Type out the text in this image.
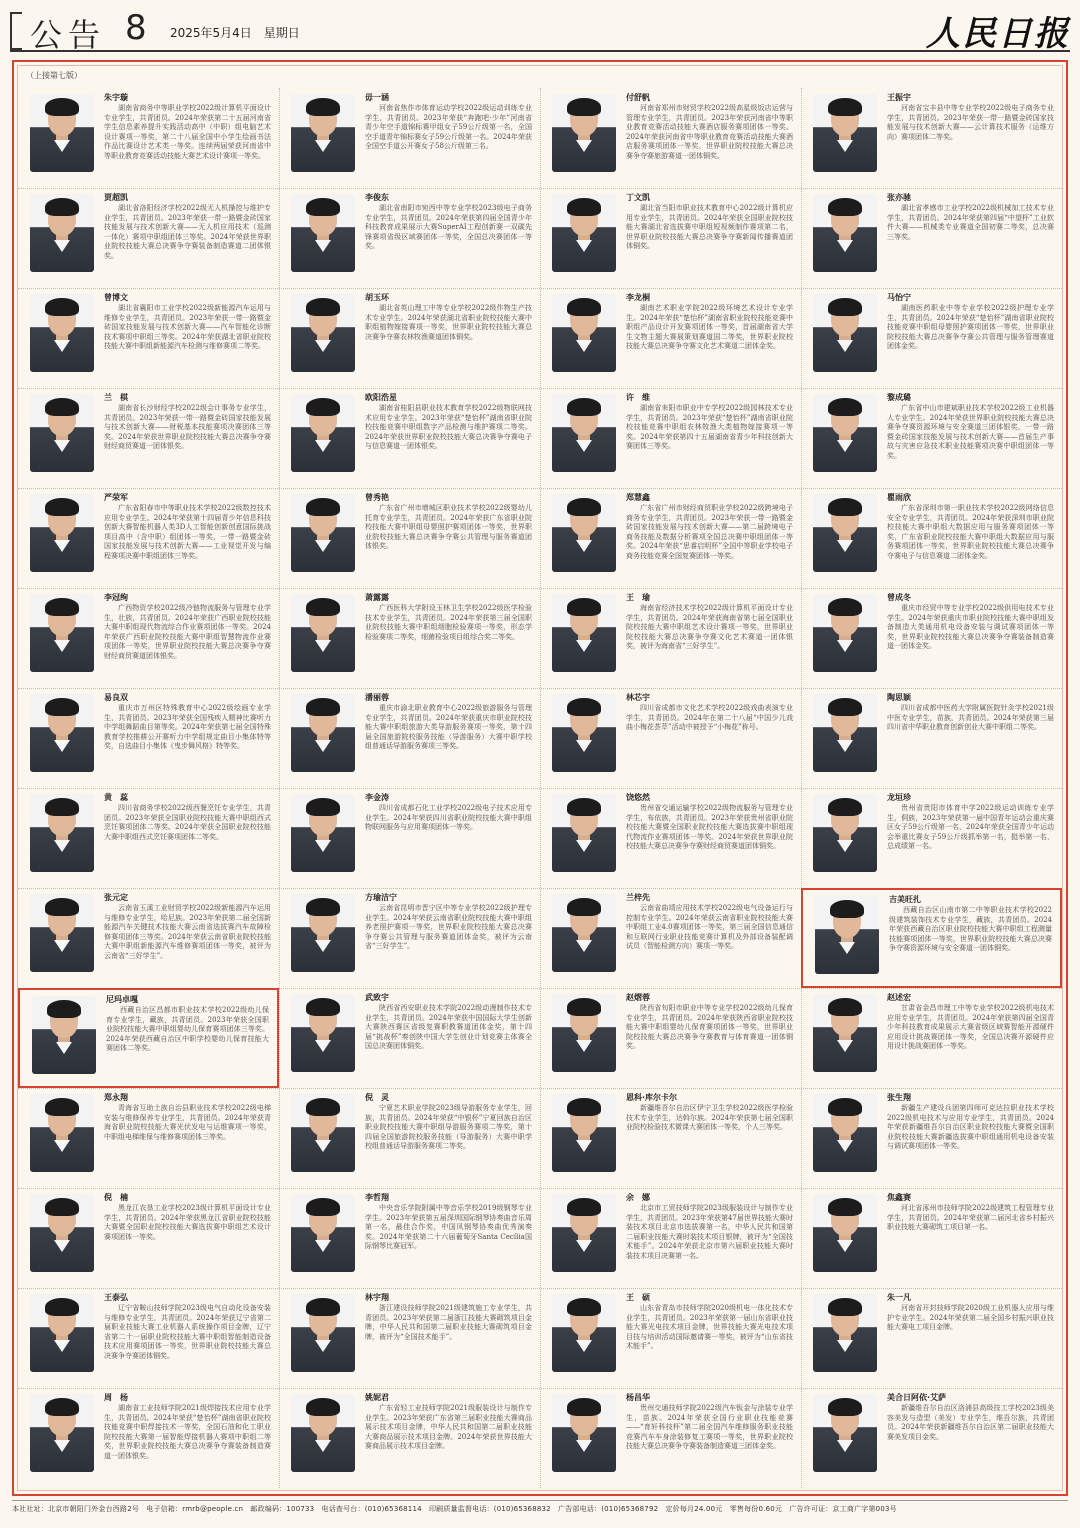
公告 8 2025年5月4日　星期日	人民日报
（上接第七版）
朱宇璇
湖南省商务中等职业学校2022级计算机平面设计专业学生，共青团员。2024年荣获第二十五届河南省学生信息素养提升实践活动高中（中职）组电脑艺术设计赛项一等奖，第二十八届全国中小学生绘画书法作品比赛设计艺术类一等奖。连续两届荣获河南省中等职业教育竞赛活动技能大赛艺术设计赛项一等奖。
毋一涵
河南省焦作市体育运动学校2022级运动训练专业学生，共青团员。2023年荣获“奔跑吧·少年”河南省青少年空手道锦标赛甲组女子59公斤级第一名，全国空手道青年锦标赛女子59公斤级第一名。2024年荣获全国空手道公开赛女子58公斤级第三名。
付舒帆
河南省郑州市财贸学校2022级高星级饭店运营与管理专业学生，共青团员。2023年荣获河南省中等职业教育竞赛活动技能大赛酒店服务赛项团体一等奖。2024年荣获河南省中等职业教育竞赛活动技能大赛酒店服务赛项团体一等奖，世界职业院校技能大赛总决赛争夺赛旅游赛道一团体铜奖。
王振宇
河南省宝丰县中等专业学校2022级电子商务专业学生，共青团员。2023年荣获一带一路暨金砖国家技能发展与技术创新大赛——云计算技术服务（运维方向）赛项团体二等奖。
贾超凯
湖北省洛阳经济学校2022级无人机操控与维护专业学生，共青团员。2023年荣获一带一路暨金砖国家技能发展与技术创新大赛——无人机应用技术（巡测一体化）赛项中职组团体三等奖。2024年荣获世界职业院校技能大赛总决赛争夺赛装备制造赛道二团体银奖。
李俊东
湖北省南阳市宛西中等专业学校2023级电子商务专业学生，共青团员。2024年荣获第四届全国青少年科技教育成果展示大赛SuperAI工程创新赛一双碳先锋赛项省级区域赛团体一等奖，全国总决赛团体一等奖。
丁文凯
湖北省当阳市职业技术教育中心2022级计算机应用专业学生，共青团员。2024年荣获全国职业院校技能大赛湖北省选拔赛中职组短视频制作赛项第二名，世界职业院校技能大赛总决赛争夺赛新闻传播赛道团体铜奖。
张亦驰
湖北省孝感市工业学校2022级机械加工技术专业学生，共青团员。2024年荣获第四届“中望杯”工业软件大赛——机械类专业赛道全国初赛二等奖，总决赛三等奖。
曾博文
湖北省襄阳市工业学校2022级新能源汽车运用与维修专业学生，共青团员。2023年荣获一带一路暨金砖国家技能发展与技术创新大赛——汽车智能化诊断技术赛项中职组三等奖。2024年荣获湖北省职业院校技能大赛中职组新能源汽车检测与维修赛项二等奖。
胡玉环
湖北省英山理工中等专业学校2022级作物生产技术专业学生。2024年荣获湖北省职业院校技能大赛中职组植物嫁接赛项一等奖，世界职业院校技能大赛总决赛争夺赛农林牧渔赛道团体铜奖。
李龙桐
湖南艺术职业学院2022级环境艺术设计专业学生。2024年荣获“楚怡杯”湖南省职业院校技能竞赛中职组产品设计开发赛项团体一等奖，首届湖南省大学生文物主题大赛展策划赛道国二等奖，世界职业院校技能大赛总决赛争夺赛文化艺术赛道二团体金奖。
马怡宁
湖南医药职业中等专业学校2022级护理专业学生，共青团员。2024年荣获“楚怡杯”湖南省职业院校技能竞赛中职组母婴照护赛项团体一等奖，世界职业院校技能大赛总决赛争夺赛公共管理与服务管理赛道团体金奖。
兰　棋
湖南省长沙财经学校2022级会计事务专业学生，共青团员。2023年荣获一带一路暨金砖国家技能发展与技术创新大赛——财税基本技能赛项决赛团体三等奖。2024年荣获世界职业院校技能大赛总决赛争夺赛财经商贸赛道一团体银奖。
欧阳浩星
湖南省桂阳县职业技术教育学校2022级物联网技术应用专业学生。2023年荣获“楚怡杯”湖南省职业院校技能竞赛中职组数字产品检测与维护赛项二等奖。2024年荣获世界职业院校技能大赛总决赛争夺赛电子与信息赛道一团体银奖。
许　维
湖南省耒阳市职业中专学校2022级园林技术专业学生，共青团员。2023年荣获“楚怡杯”湖南省职业院校技能竞赛中职组农林牧渔大类植物嫁接赛项一等奖。2024年荣获第四十五届湖南省青少年科技创新大赛团体三等奖。
黎成璐
广东省中山市建斌职业技术学校2022级工业机器人专业学生。2024年荣获世界职业院校技能大赛总决赛争夺赛资源环境与安全赛道三团体银奖，一带一路暨金砖国家技能发展与技术创新大赛——首届生产事故与灾害应急技术职业技能赛项决赛中职组团体一等奖。
严荣军
广东省阳春市中等职业技术学校2022级数控技术应用专业学生。2024年荣获第十四届青少年信息科技创新大赛智能机器人类3D人工智能创新创意国际挑战项目高中（含中职）组团体一等奖，一带一路暨金砖国家技能发展与技术创新大赛——工业视觉开发与编程赛项决赛中职组团体三等奖。
曾秀艳
广东省广州市增城区职业技术学校2022级婴幼儿托育专业学生，共青团员。2024年荣获广东省职业院校技能大赛中职组母婴照护赛项团体一等奖，世界职业院校技能大赛总决赛争夺赛公共管理与服务赛道团体银奖。
郑慧鑫
广东省广州市财经商贸职业学校2022级跨境电子商务专业学生，共青团员。2023年荣获一带一路暨金砖国家技能发展与技术创新大赛——第二届跨境电子商务技能及数据分析赛项全国总决赛中职组团体一等奖。2024年荣获“思睿启明杯”全国中等职业学校电子商务技能竞赛全国复赛团体一等奖。
瞿雨欣
广东省深圳市第一职业技术学校2022级网络信息安全专业学生，共青团员。2024年荣获深圳市职业院校技能大赛中职组大数据应用与服务赛项团体一等奖，广东省职业院校技能大赛中职组大数据应用与服务赛项团体一等奖，世界职业院校技能大赛总决赛争夺赛电子与信息赛道二团体金奖。
李冠绚
广西物资学校2022级冷链物流服务与管理专业学生，壮族，共青团员。2024年荣获广西职业院校技能大赛中职组现代物流综合作业赛项团体一等奖。2024年荣获广西职业院校技能大赛中职组智慧物流作业赛项团体一等奖，世界职业院校技能大赛总决赛争夺赛财经商贸赛道团体银奖。
萧露露
广西医科大学附设玉林卫生学校2022级医学检验技术专业学生，共青团员。2024年荣获第三届全国职业院校技能大赛中职组细胞检验赛项一等奖，形态学检验赛项二等奖，细菌检验项目组综合奖二等奖。
王　瑜
海南省经济技术学校2022级计算机平面设计专业学生，共青团员。2024年荣获海南省第七届全国职业院校技能大赛中职组艺术设计赛项一等奖，世界职业院校技能大赛总决赛争夺赛文化艺术赛道一团体银奖，被评为海南省“三好学生”。
曾成冬
重庆市经贸中等专业学校2022级供用电技术专业学生。2024年荣获重庆市职业院校技能大赛中职组发备制造大类通用机电设备安装与调试赛项团体一等奖，世界职业院校技能大赛总决赛争夺赛装备制造赛道一团体金奖。
易良双
重庆市万州区特殊教育中心2022级绘画专业学生，共青团员。2023年荣获全国残疾人精神比赛听力中学组舞蹈曲目第等奖。2024年荣获第七届全国特殊教育学校推耕公开赛听力中学组规定曲目小集体特等奖，自选曲目小集体《曳步舞风格》特等奖。
潘丽蓉
重庆市渝北职业教育中心2022级旅游服务与管理专业学生，共青团员。2024年荣获重庆市职业院校技能大赛中职组旅游大类导游服务赛项一等奖，第十四届全国旅游院校服务技能（导游服务）大赛中职学校组普通话导游服务赛项三等奖。
林芯宇
四川省成都市文化艺术学校2022级戏曲表演专业学生，共青团员。2024年在第二十八届“中国少儿戏曲小梅花荟萃”活动中被授予“小梅花”称号。
陶思颖
四川省成都中医药大学附属医院针灸学校2021级中医专业学生，苗族，共青团员。2024年荣获第三届四川省中华职业教育创新创业大赛中职组二等奖。
黄　蕊
四川省商务学校2022级西餐烹饪专业学生，共青团员。2023年荣获全国职业院校技能大赛中职组西式烹饪赛项团体二等奖。2024年荣获全国职业院校技能大赛中职组西式烹饪赛项团体二等奖。
李金涛
四川省成都石化工业学校2022级电子技术应用专业学生。2024年荣获四川省职业院校技能大赛中职组物联网服务与应用赛项团体一等奖。
饶悠然
贵州省交通运输学校2022级物流服务与管理专业学生，布依族，共青团员。2023年荣获贵州省职业院校技能大赛暨全国职业院校技能大赛选拔赛中职组现代物流作业赛项团体一等奖。2024年荣获世界职业院校技能大赛总决赛争夺赛财经商贸赛道团体铜奖。
龙垣珍
贵州省贵阳市体育中学2022级运动训练专业学生，侗族，2023年荣获第一届中国青年运动会重庆赛区女子59公斤级第一名，2024年荣获全国青少年运动会举重比赛女子59公斤级抓举第一名，挺举第一名，总成绩第一名。
张元定
云南省玉溪工业财贸学校2022级新能源汽车运用与维修专业学生，哈尼族。2023年荣获第二届全国新能源汽车关键技术技能大赛云南省选拔赛汽车故障检修赛项团体三等奖。2024年荣获云南省职业院校技能大赛中职组新能源汽车维修赛项团体一等奖，被评为云南省“三好学生”。
方瑜洁宁
云南省昆明市晋宁区中等专业学校2022级护理专业学生。2024年荣获云南省职业院校技能大赛中职组养老照护赛项一等奖，世界职业院校技能大赛总决赛争夺赛公共管理与服务赛道团体金奖，被评为云南省“三好学生”。
兰梓先
云南省曲靖应用技术学校2022级电气设备运行与控制专业学生。2024年荣获云南省职业院校技能大赛中职组工业4.0赛项团体一等奖，第三届全国信息通信和互联网行业职业技能竞赛计算机及外部设备装配调试员（智能检测方向）赛项一等奖。
吉美旺扎
西藏自治区山南市第二中等职业技术学校2022级建筑装饰技术专业学生，藏族，共青团员。2024年荣获西藏自治区职业院校技能大赛中职组工程测量技能赛项团体一等奖，世界职业院校技能大赛总决赛争夺赛资源环境与安全赛道一团体铜奖。
尼玛卓嘎
西藏自治区昌都市职业技术学校2022级幼儿保育专业学生，藏族，共青团员。2023年荣获全国职业院校技能大赛中职组婴幼儿保育赛项团体三等奖。2024年荣获西藏自治区中职学校婴幼儿保育技能大赛团体二等奖。
武致宇
陕西省西安职业技术学院2022级动漫制作技术专业学生，共青团员。2024年荣获中国国际大学生创新大赛陕西赛区省级复赛职教赛道团体金奖，第十四届“挑战杯”奏创陕中国大学生创业计划竞赛主体赛全国总决赛团体铜奖。
赵熠蓉
陕西省旬阳市职业中等专业学校2022级幼儿保育专业学生，共青团员。2024年荣获陕西省职业院校技能大赛中职组婴幼儿保育赛项团体一等奖，世界职业院校技能大赛总决赛争夺赛教育与体育赛道一团体铜奖。
赵述宏
甘肃省金昌市理工中等专业学校2022级机电技术应用专业学生，共青团员。2024年荣获第四届全国青少年科技教育成果展示大赛省级区域赛智能开源硬件应用设计挑战赛团体一等奖，全国总决赛开源硬件应用设计挑战赛团体一等奖。
郑永翔
青海省互助土族自治县职业技术学校2022级电梯安装与维修保养专业学生，共青团员。2024年荣获青海省职业院校技能大赛光伏发电与运维赛项一等奖，中职组电梯维保与维修赛项团体三等奖。
倪　灵
宁夏艺术职业学院2023级导游服务专业学生，回族，共青团员。2024年荣获“中银杯”宁夏回族自治区职业院校技能大赛中职组导游服务赛项二等奖，第十四届全国旅游院校服务技能（导游服务）大赛中职学校组普通话导游服务赛项二等奖。
恩科·库尔卡尔
新疆维吾尔自治区伊宁卫生学校2022级医学检验技术专业学生，达斡尔族。2024年荣获第七届全国职业院校检验技术微课大赛团体一等奖，个人三等奖。
张生翔
新疆生产建设兵团第四师可克达拉职业技术学校2022级机电技术与应用专业学生，共青团员。2024年荣获新疆维吾尔自治区职业院校技能大赛暨全国职业院校技能大赛新疆选拔赛中职组通用机电设备安装与调试赛项团体一等奖。
倪　楠
黑龙江农垦工业学校2023级计算机平面设计专业学生，共青团员。2024年荣获黑龙江省职业院校技能大赛暨全国职业院校技能大赛选拔赛中职组艺术设计赛项团体一等奖。
李哲翔
中央音乐学院附属中等音乐学校2019级钢琴专业学生。2023年荣获第五届深圳国际钢琴协奏曲音乐周第一名，最佳合作奖，中国风钢琴协奏曲优秀演奏奖。2024年荣获第二十六届葡萄牙Santa Cecília国际钢琴比赛冠军。
余　娜
北京市工贸技师学院2023级服装设计与制作专业学生，共青团员。2023年荣获第47届世界技能大赛时装技术项目北京市选拔赛第一名，中华人民共和国第二届职业技能大赛时装技术项目银牌，被评为“全国技术能手”。2024年荣获北京市第六届职业技能大赛时装技术项目决赛第一名。
焦鑫赛
河北省涿州市技师学院2022级建筑工程管理专业学生，共青团员。2024年荣获第二届河北省乡村振兴职业技能大赛砌筑工项目第一名。
王泰弘
辽宁省鞍山技师学院2023级电气自动化设备安装与维修专业学生，共青团员。2024年荣获辽宁省第二届职业技能大赛工业机器人系统操作项目金牌，辽宁省第二十一届职业院校技能大赛中职组智能制造设备技术应用赛项团体一等奖，世界职业院校技能大赛总决赛争夺赛团体铜奖。
林宇翔
浙江建设技师学院2021级建筑施工专业学生，共青团员。2023年荣获第二届浙江技能大赛砌筑项目金牌，中华人民共和国第二届职业技能大赛砌筑项目金牌，被评为“全国技术能手”。
王　硕
山东省青岛市技师学院2020级机电一体化技术专业学生，共青团员。2023年荣获第一届山东省职业技能大赛光电技术项目金牌，世界技能大赛光电技术项目技与培训活动国际邀请赛一等奖，被评为“山东省技术能手”。
朱一凡
河南省开封技师学院2020级工业机器人应用与维护专业学生。2024年荣获第二届全国乡村振兴职业技能大赛电工项目金牌。
周　杨
湖南省工业技师学院2021级焊接技术应用专业学生，共青团员。2024年荣获“楚怡杯”湖南省职业院校技能竞赛中职焊接技术一等奖，全国石油和化工职业院校技能大赛第一届智能焊接机器人赛项中职组二等奖，世界职业院校技能大赛总决赛争夺赛装备制造赛道一团体银奖。
姚妮君
广东省轻工业技师学院2021级服装设计与制作专业学生。2023年荣获广东省第三届职业技能大赛商品展示技术项目金牌，中华人民共和国第二届职业技能大赛商品展示技术项目金牌。2024年荣获世界技能大赛商品展示技术项目金牌。
杨昌华
贵州交通技师学院2022级汽车钣金与涂装专业学生，苗族。2024年荣获全国行业职业技能竞赛——“育轩科技杯”第二届全国汽车维修服务职业技能竞赛汽车车身涂装修复工赛项一等奖，世界职业院校技能大赛总决赛争夺赛装备制造赛道三团体金奖。
美合日阿依·艾萨
新疆维吾尔自治区洛浦县高级技工学校2023级美容美发与造型（美发）专业学生，维吾尔族，共青团员。2024年荣获新疆维吾尔自治区第二届职业技能大赛美发项目金奖。
本社社址：北京市朝阳门外金台西路2号　电子信箱：rmrb@people.cn　邮政编码：100733　电话查号台：(010)65368114　印刷质量监督电话：(010)65368832　广告部电话：(010)65368792　定价每月24.00元　零售每份0.60元　广告许可证：京工商广字第003号
